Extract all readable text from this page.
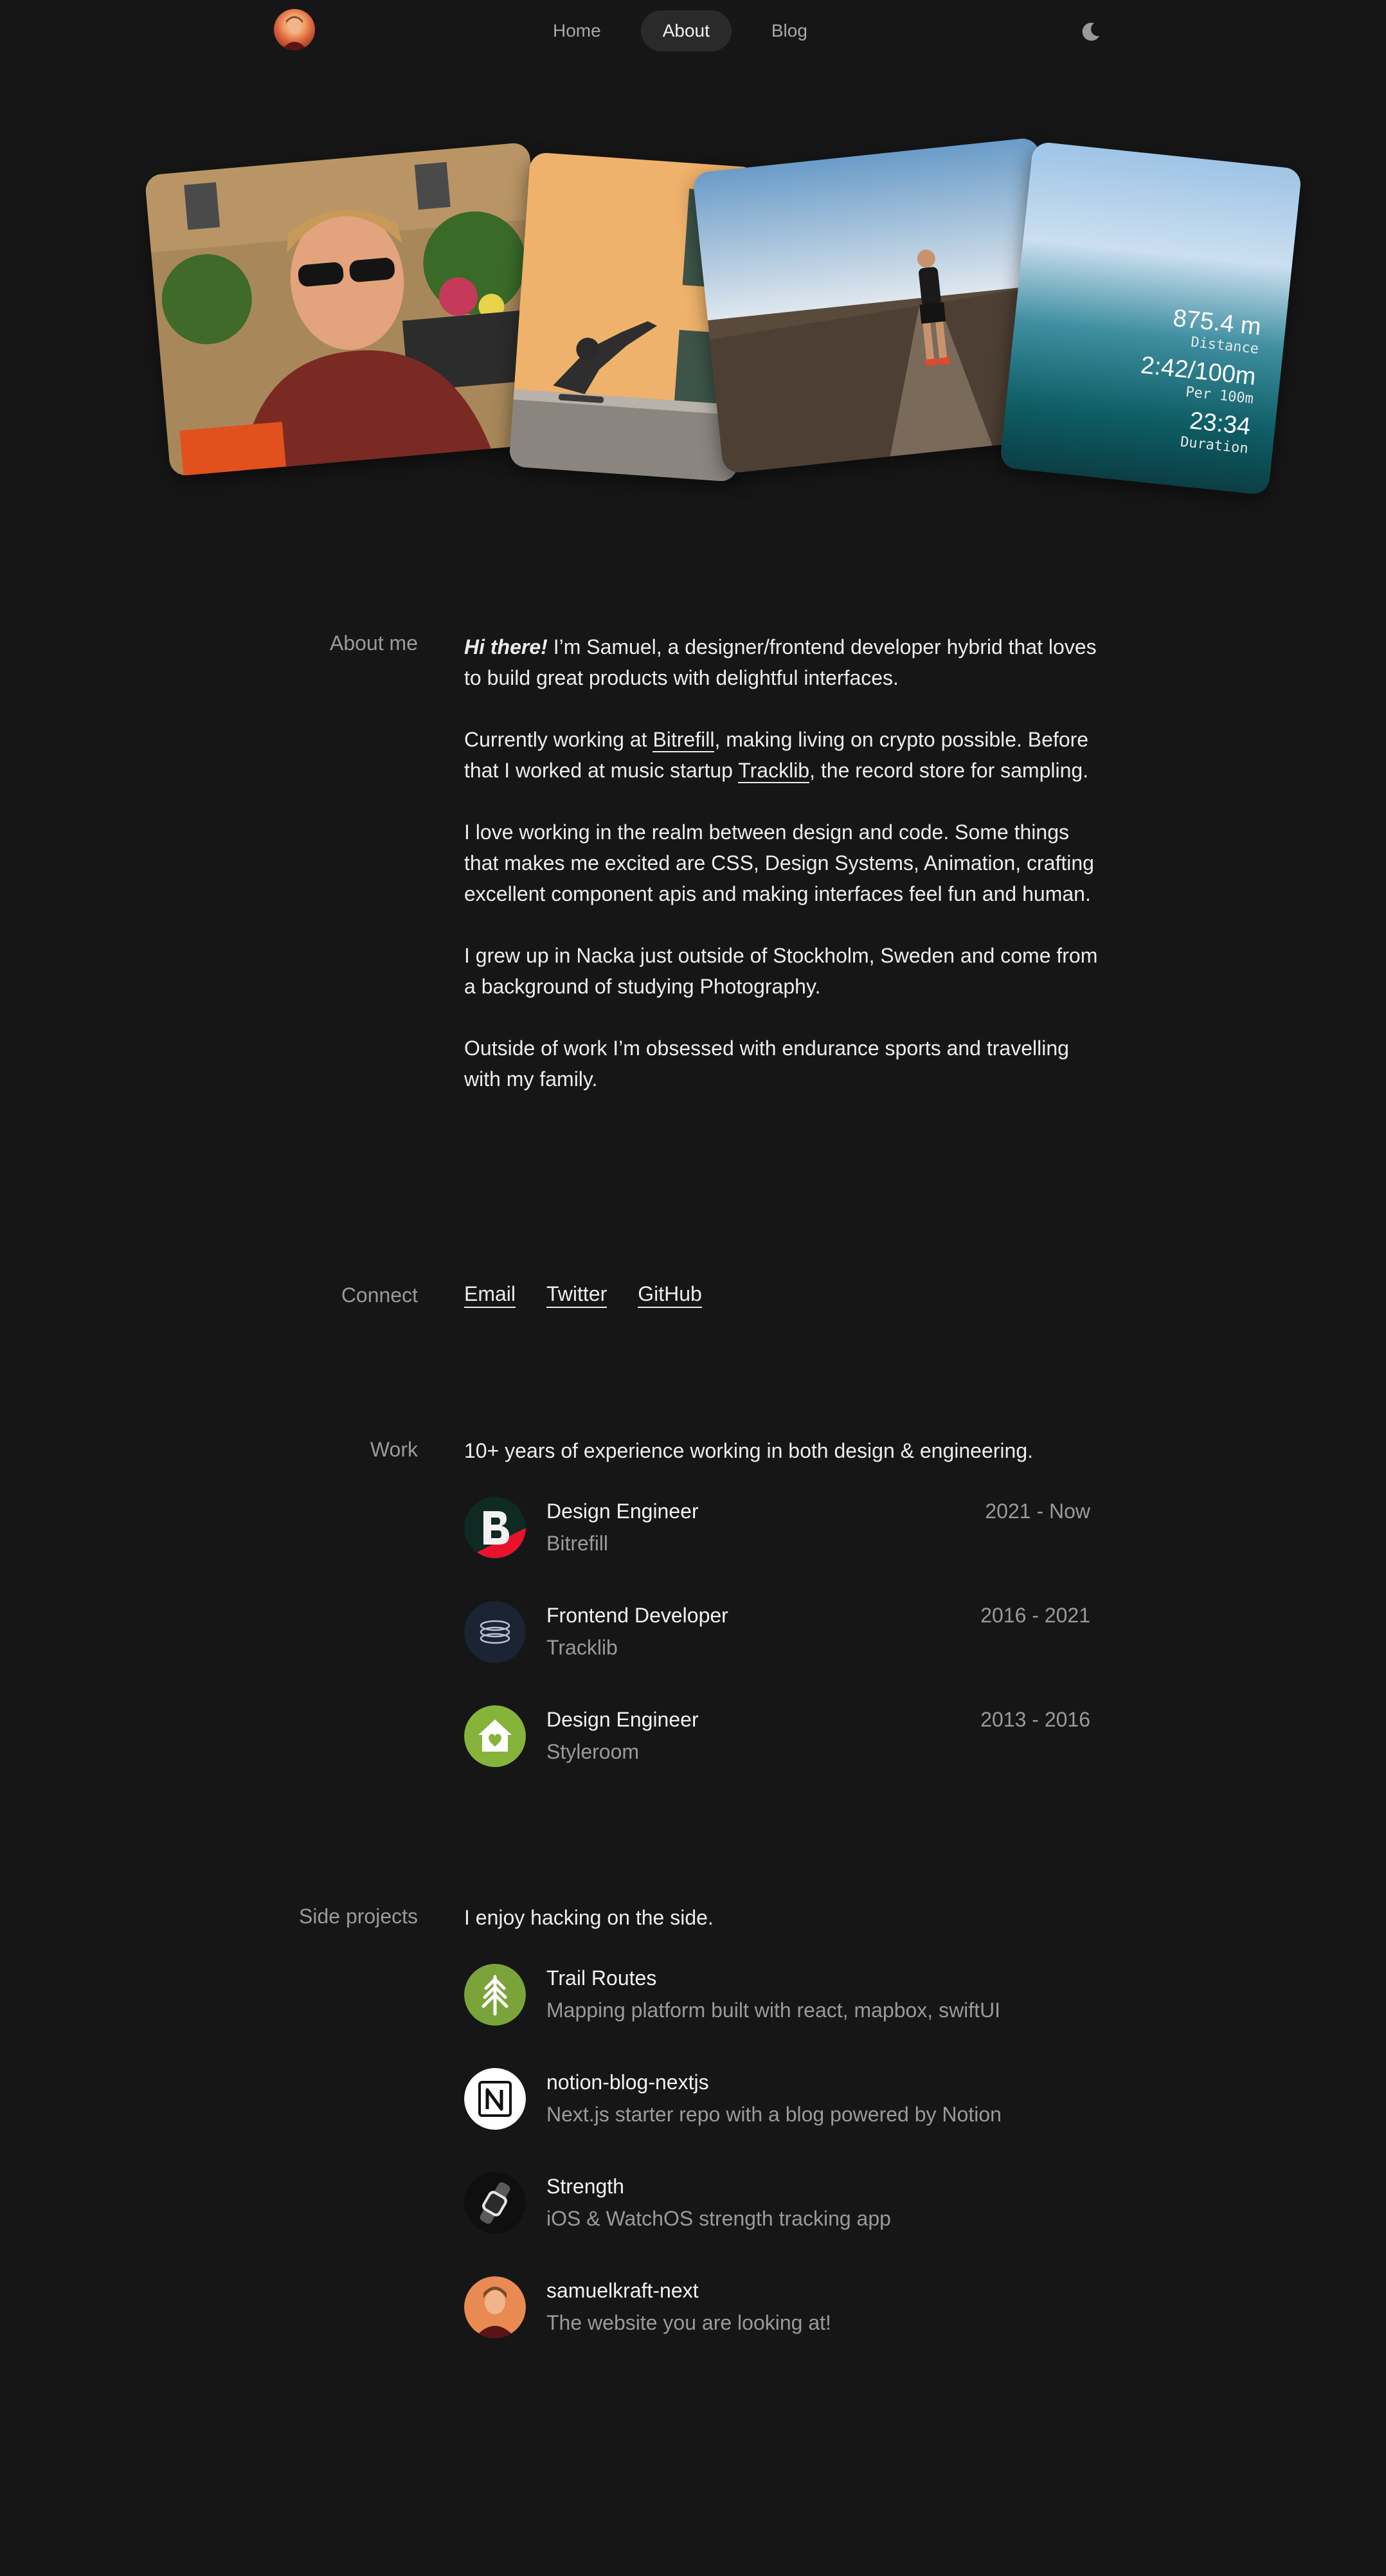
Home	About	Blog
875.4 m
Distance
2:42/100m
Per 100m
23:34
Duration
About me Hi there! I’m Samuel, a designer/frontend developer hybrid that loves to build great products with delightful interfaces.

Currently working at Bitrefill, making living on crypto possible. Before that I worked at music startup Tracklib, the record store for sampling.

I love working in the realm between design and code. Some things that makes me excited are CSS, Design Systems, Animation, crafting excellent component apis and making interfaces feel fun and human.

I grew up in Nacka just outside of Stockholm, Sweden and come from a background of studying Photography.

Outside of work I’m obsessed with endurance sports and travelling with my family.

Connect Email Twitter GitHub
Work 10+ years of experience working in both design & engineering.
Design Engineer
Bitrefill
2021 - Now
Frontend Developer
Tracklib
2016 - 2021
Design Engineer
Styleroom
2013 - 2016
Side projects I enjoy hacking on the side.
Trail Routes
Mapping platform built with react, mapbox, swiftUI
notion-blog-nextjs
Next.js starter repo with a blog powered by Notion
Strength
iOS & WatchOS strength tracking app
samuelkraft-next
The website you are looking at!
